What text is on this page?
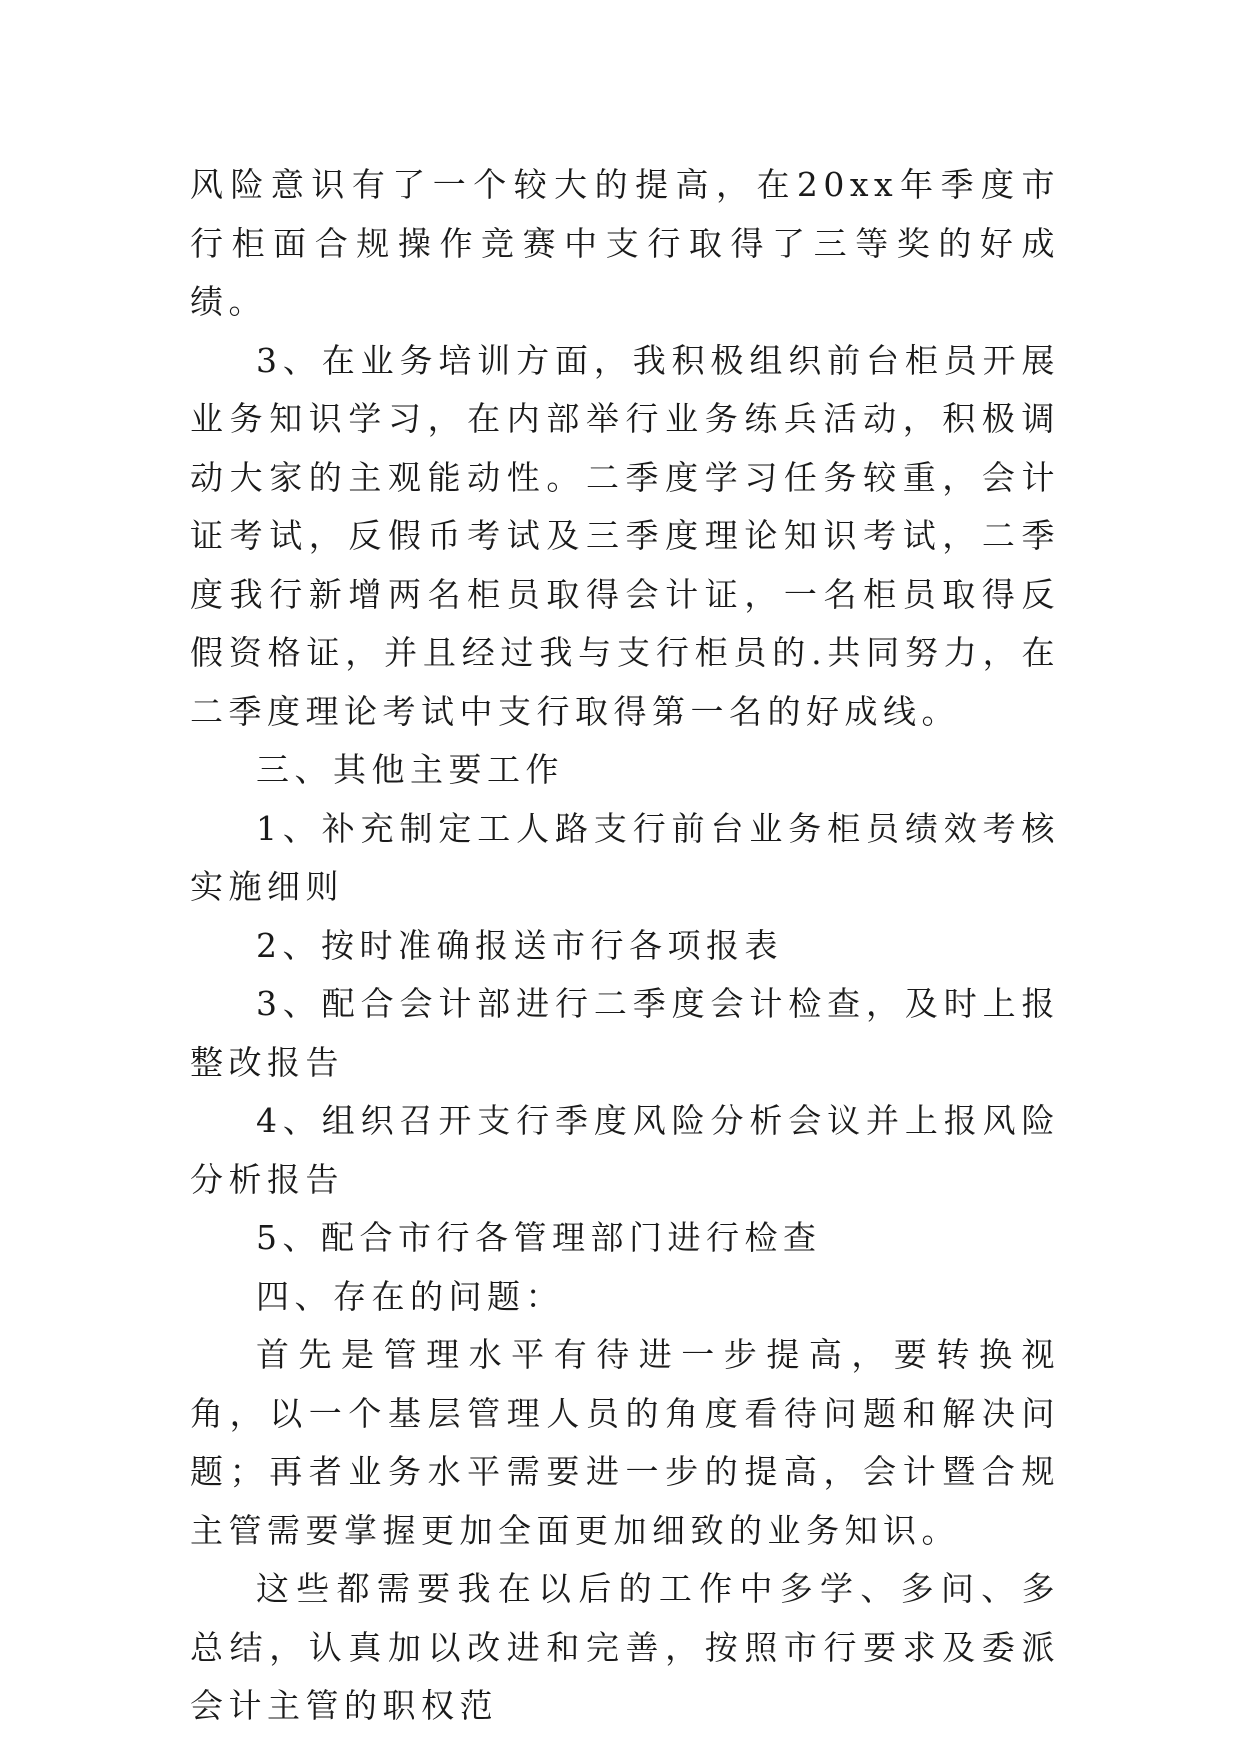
风险意识有了一个较大的提高，在20xx年季度市行柜面合规操作竞赛中支行取得了三等奖的好成绩。

3、在业务培训方面，我积极组织前台柜员开展业务知识学习，在内部举行业务练兵活动，积极调动大家的主观能动性。二季度学习任务较重，会计证考试，反假币考试及三季度理论知识考试，二季度我行新增两名柜员取得会计证，一名柜员取得反假资格证，并且经过我与支行柜员的.共同努力，在二季度理论考试中支行取得第一名的好成线。

三、其他主要工作

1、补充制定工人路支行前台业务柜员绩效考核实施细则

2、按时准确报送市行各项报表

3、配合会计部进行二季度会计检查，及时上报整改报告

4、组织召开支行季度风险分析会议并上报风险分析报告

5、配合市行各管理部门进行检查

四、存在的问题：

首先是管理水平有待进一步提高，要转换视角，以一个基层管理人员的角度看待问题和解决问题；再者业务水平需要进一步的提高，会计暨合规主管需要掌握更加全面更加细致的业务知识。

这些都需要我在以后的工作中多学、多问、多总结，认真加以改进和完善，按照市行要求及委派会计主管的职权范
